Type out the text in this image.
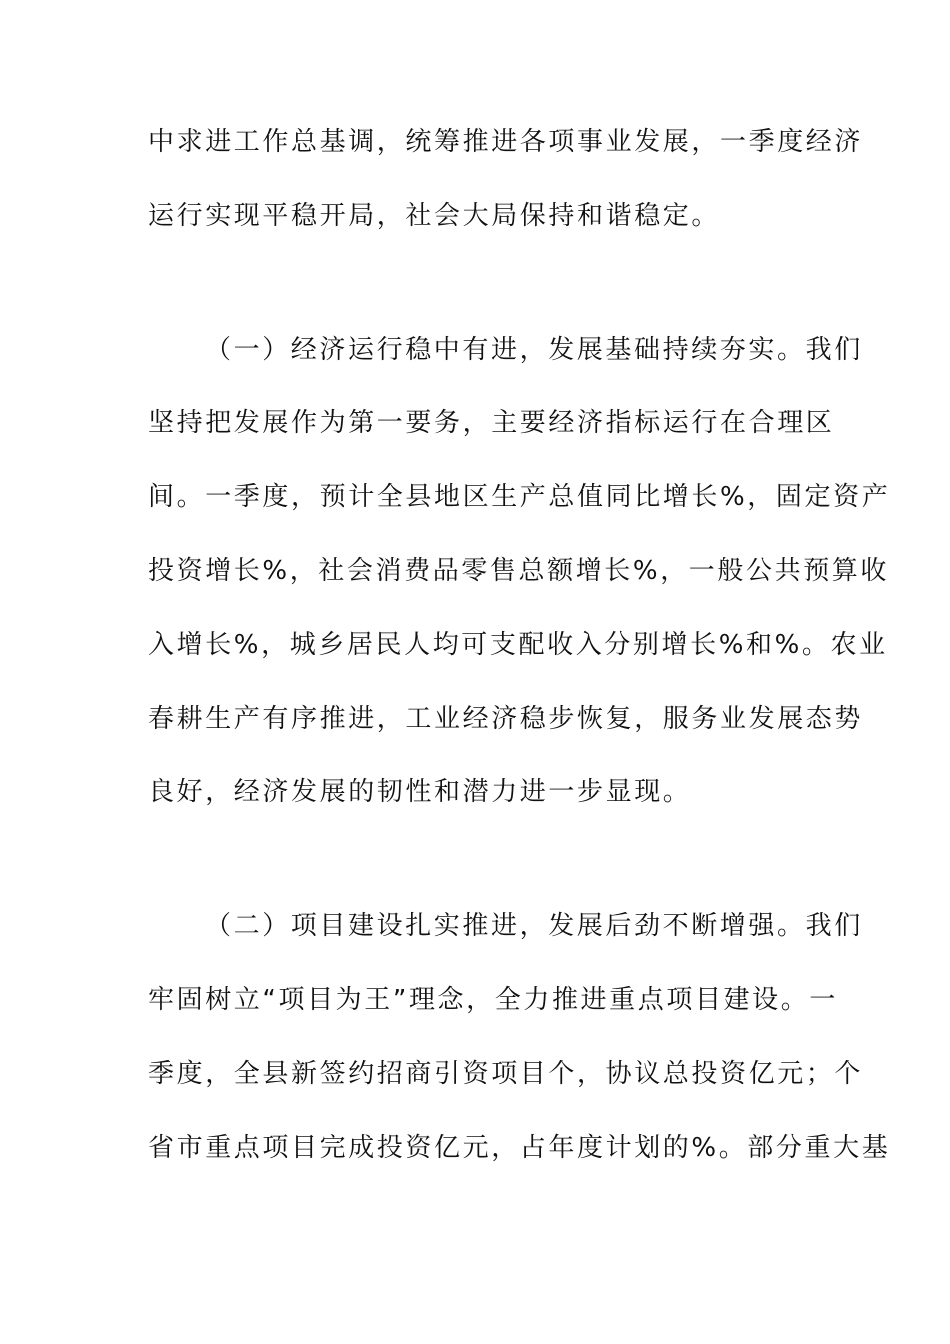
中求进工作总基调，统筹推进各项事业发展，一季度经济
运行实现平稳开局，社会大局保持和谐稳定。
（一）经济运行稳中有进，发展基础持续夯实。我们
坚持把发展作为第一要务，主要经济指标运行在合理区
间。一季度，预计全县地区生产总值同比增长%，固定资产
投资增长%，社会消费品零售总额增长%，一般公共预算收
入增长%，城乡居民人均可支配收入分别增长%和%。农业
春耕生产有序推进，工业经济稳步恢复，服务业发展态势
良好，经济发展的韧性和潜力进一步显现。
（二）项目建设扎实推进，发展后劲不断增强。我们
牢固树立“项目为王”理念，全力推进重点项目建设。一
季度，全县新签约招商引资项目个，协议总投资亿元；个
省市重点项目完成投资亿元，占年度计划的%。部分重大基
